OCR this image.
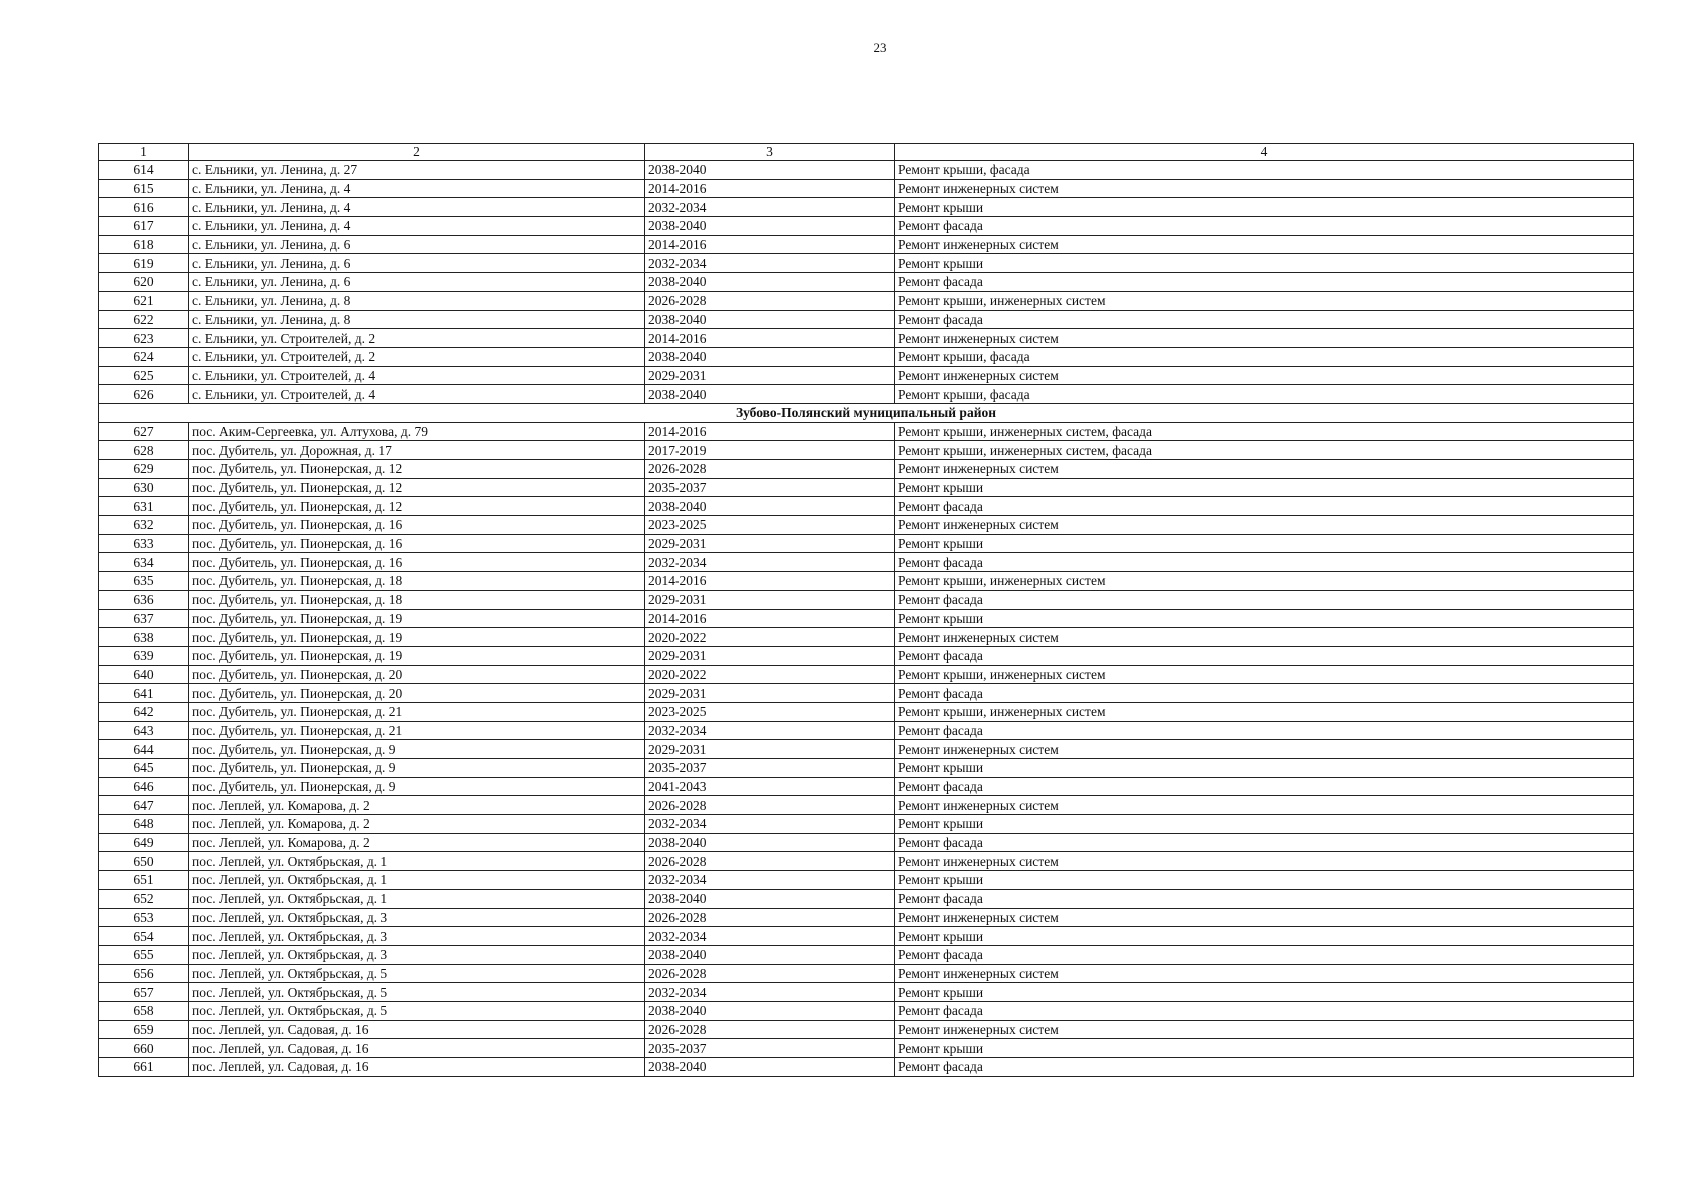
23
1	2	3	4
614	с. Ельники, ул. Ленина, д. 27	2038-2040	Ремонт крыши, фасада
615	с. Ельники, ул. Ленина, д. 4	2014-2016	Ремонт инженерных систем
616	с. Ельники, ул. Ленина, д. 4	2032-2034	Ремонт крыши
617	с. Ельники, ул. Ленина, д. 4	2038-2040	Ремонт фасада
618	с. Ельники, ул. Ленина, д. 6	2014-2016	Ремонт инженерных систем
619	с. Ельники, ул. Ленина, д. 6	2032-2034	Ремонт крыши
620	с. Ельники, ул. Ленина, д. 6	2038-2040	Ремонт фасада
621	с. Ельники, ул. Ленина, д. 8	2026-2028	Ремонт крыши, инженерных систем
622	с. Ельники, ул. Ленина, д. 8	2038-2040	Ремонт фасада
623	с. Ельники, ул. Строителей, д. 2	2014-2016	Ремонт инженерных систем
624	с. Ельники, ул. Строителей, д. 2	2038-2040	Ремонт крыши, фасада
625	с. Ельники, ул. Строителей, д. 4	2029-2031	Ремонт инженерных систем
626	с. Ельники, ул. Строителей, д. 4	2038-2040	Ремонт крыши, фасада
Зубово-Полянский муниципальный район			
627	пос. Аким-Сергеевка, ул. Алтухова, д. 79	2014-2016	Ремонт крыши, инженерных систем, фасада
628	пос. Дубитель, ул. Дорожная, д. 17	2017-2019	Ремонт крыши, инженерных систем, фасада
629	пос. Дубитель, ул. Пионерская, д. 12	2026-2028	Ремонт инженерных систем
630	пос. Дубитель, ул. Пионерская, д. 12	2035-2037	Ремонт крыши
631	пос. Дубитель, ул. Пионерская, д. 12	2038-2040	Ремонт фасада
632	пос. Дубитель, ул. Пионерская, д. 16	2023-2025	Ремонт инженерных систем
633	пос. Дубитель, ул. Пионерская, д. 16	2029-2031	Ремонт крыши
634	пос. Дубитель, ул. Пионерская, д. 16	2032-2034	Ремонт фасада
635	пос. Дубитель, ул. Пионерская, д. 18	2014-2016	Ремонт крыши, инженерных систем
636	пос. Дубитель, ул. Пионерская, д. 18	2029-2031	Ремонт фасада
637	пос. Дубитель, ул. Пионерская, д. 19	2014-2016	Ремонт крыши
638	пос. Дубитель, ул. Пионерская, д. 19	2020-2022	Ремонт инженерных систем
639	пос. Дубитель, ул. Пионерская, д. 19	2029-2031	Ремонт фасада
640	пос. Дубитель, ул. Пионерская, д. 20	2020-2022	Ремонт крыши, инженерных систем
641	пос. Дубитель, ул. Пионерская, д. 20	2029-2031	Ремонт фасада
642	пос. Дубитель, ул. Пионерская, д. 21	2023-2025	Ремонт крыши, инженерных систем
643	пос. Дубитель, ул. Пионерская, д. 21	2032-2034	Ремонт фасада
644	пос. Дубитель, ул. Пионерская, д. 9	2029-2031	Ремонт инженерных систем
645	пос. Дубитель, ул. Пионерская, д. 9	2035-2037	Ремонт крыши
646	пос. Дубитель, ул. Пионерская, д. 9	2041-2043	Ремонт фасада
647	пос. Леплей, ул. Комарова, д. 2	2026-2028	Ремонт инженерных систем
648	пос. Леплей, ул. Комарова, д. 2	2032-2034	Ремонт крыши
649	пос. Леплей, ул. Комарова, д. 2	2038-2040	Ремонт фасада
650	пос. Леплей, ул. Октябрьская, д. 1	2026-2028	Ремонт инженерных систем
651	пос. Леплей, ул. Октябрьская, д. 1	2032-2034	Ремонт крыши
652	пос. Леплей, ул. Октябрьская, д. 1	2038-2040	Ремонт фасада
653	пос. Леплей, ул. Октябрьская, д. 3	2026-2028	Ремонт инженерных систем
654	пос. Леплей, ул. Октябрьская, д. 3	2032-2034	Ремонт крыши
655	пос. Леплей, ул. Октябрьская, д. 3	2038-2040	Ремонт фасада
656	пос. Леплей, ул. Октябрьская, д. 5	2026-2028	Ремонт инженерных систем
657	пос. Леплей, ул. Октябрьская, д. 5	2032-2034	Ремонт крыши
658	пос. Леплей, ул. Октябрьская, д. 5	2038-2040	Ремонт фасада
659	пос. Леплей, ул. Садовая, д. 16	2026-2028	Ремонт инженерных систем
660	пос. Леплей, ул. Садовая, д. 16	2035-2037	Ремонт крыши
661	пос. Леплей, ул. Садовая, д. 16	2038-2040	Ремонт фасада
